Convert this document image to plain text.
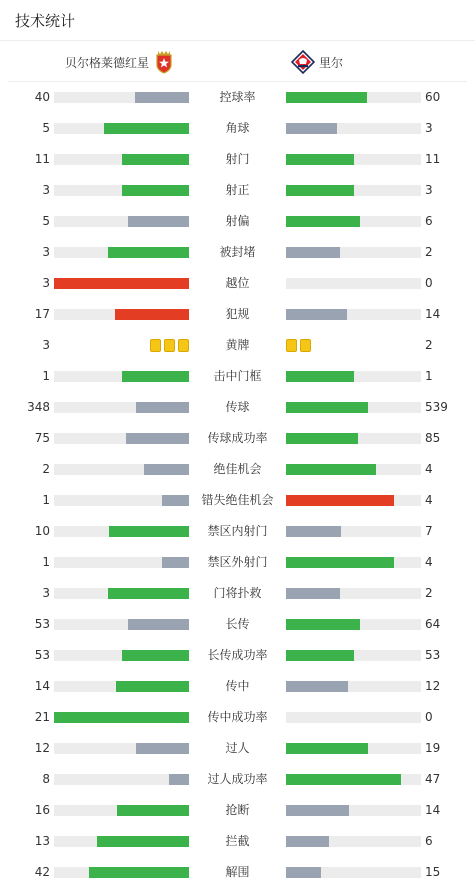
技术统计
贝尔格莱德红星	里尔
40	控球率	60
5	角球	3
11	射门	11
3	射正	3
5	射偏	6
3	被封堵	2
3	越位	0
17	犯规	14
3	黄牌	2
1	击中门框	1
348	传球	539
75	传球成功率	85
2	绝佳机会	4
1	错失绝佳机会	4
10	禁区内射门	7
1	禁区外射门	4
3	门将扑救	2
53	长传	64
53	长传成功率	53
14	传中	12
21	传中成功率	0
12	过人	19
8	过人成功率	47
16	抢断	14
13	拦截	6
42	解围	15
